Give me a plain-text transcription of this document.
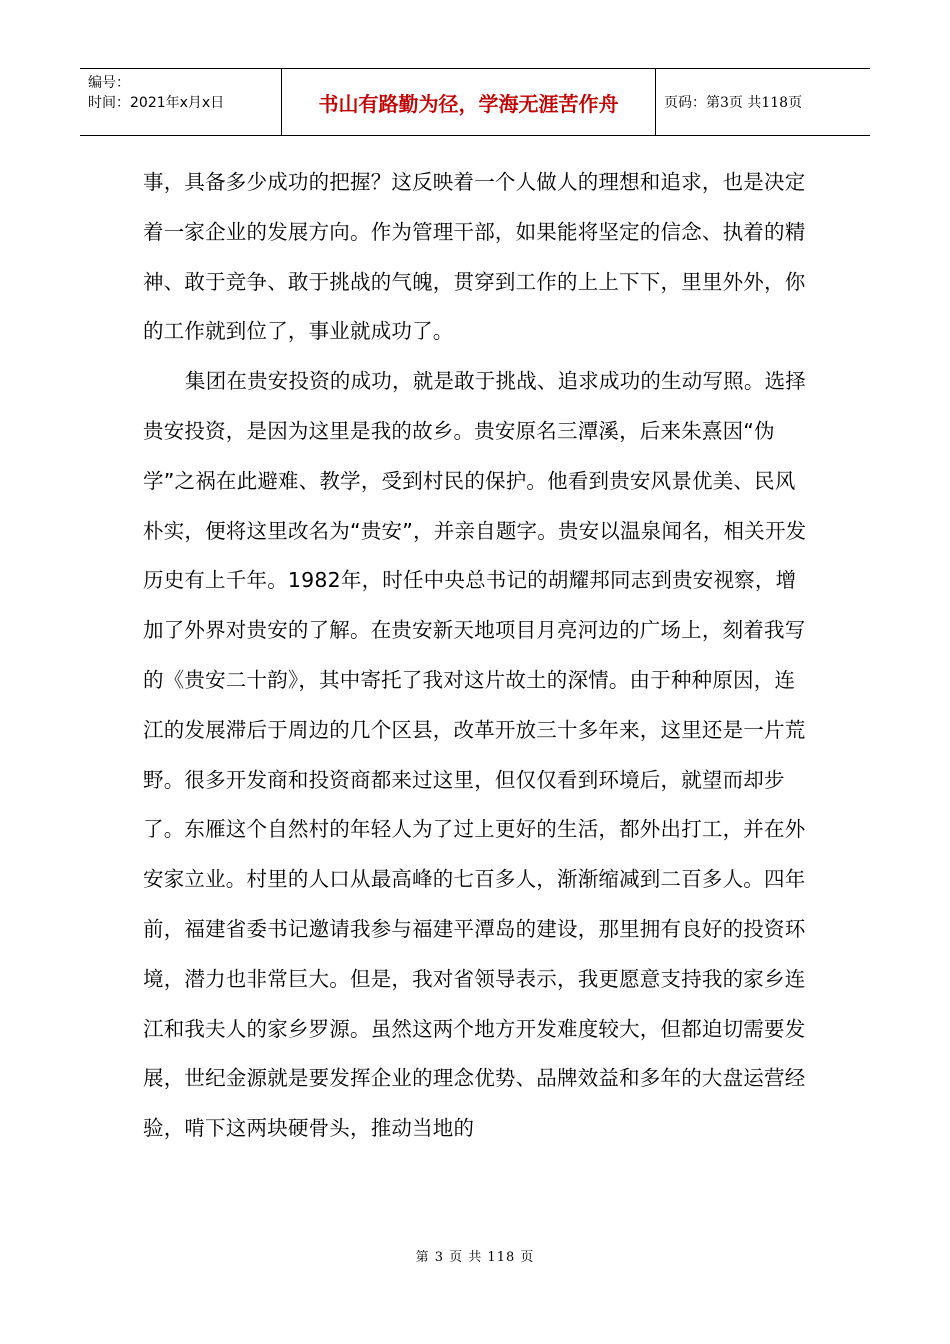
编号：
时间：2021年x月x日	书山有路勤为径，学海无涯苦作舟	页码：第3页 共118页

事，具备多少成功的把握？这反映着一个人做人的理想和追求，也是决定着一家企业的发展方向。作为管理干部，如果能将坚定的信念、执着的精神、敢于竞争、敢于挑战的气魄，贯穿到工作的上上下下，里里外外，你的工作就到位了，事业就成功了。

集团在贵安投资的成功，就是敢于挑战、追求成功的生动写照。选择贵安投资，是因为这里是我的故乡。贵安原名三潭溪，后来朱熹因“伪学”之祸在此避难、教学，受到村民的保护。他看到贵安风景优美、民风朴实，便将这里改名为“贵安”，并亲自题字。贵安以温泉闻名，相关开发历史有上千年。1982年，时任中央总书记的胡耀邦同志到贵安视察，增加了外界对贵安的了解。在贵安新天地项目月亮河边的广场上，刻着我写的《贵安二十韵》，其中寄托了我对这片故土的深情。由于种种原因，连江的发展滞后于周边的几个区县，改革开放三十多年来，这里还是一片荒野。很多开发商和投资商都来过这里，但仅仅看到环境后，就望而却步了。东雁这个自然村的年轻人为了过上更好的生活，都外出打工，并在外安家立业。村里的人口从最高峰的七百多人，渐渐缩减到二百多人。四年前，福建省委书记邀请我参与福建平潭岛的建设，那里拥有良好的投资环境，潜力也非常巨大。但是，我对省领导表示，我更愿意支持我的家乡连江和我夫人的家乡罗源。虽然这两个地方开发难度较大，但都迫切需要发展，世纪金源就是要发挥企业的理念优势、品牌效益和多年的大盘运营经验，啃下这两块硬骨头，推动当地的

第 3 页 共 118 页
